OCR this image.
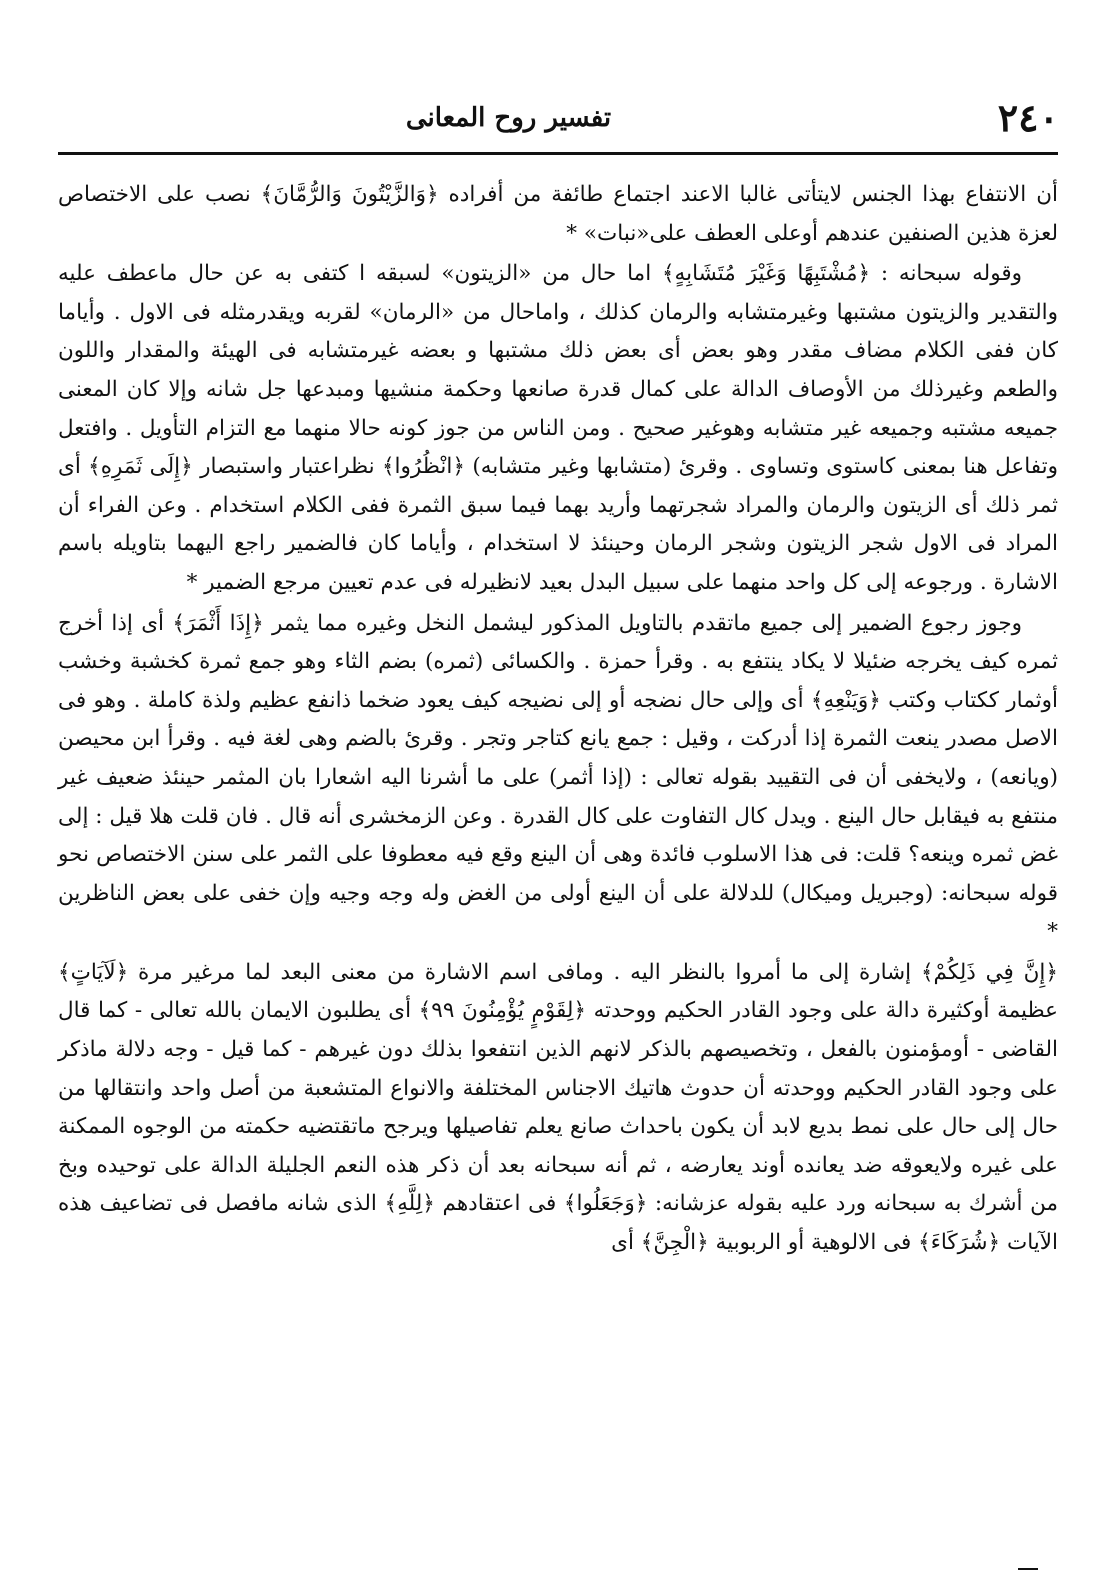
٢٤٠
تفسير روح المعانى

أن الانتفاع بهذا الجنس لايتأتى غالبا الاعند اجتماع طائفة من أفراده ﴿وَالزَّيْتُونَ وَالرُّمَّانَ﴾ نصب على الاختصاص لعزة هذين الصنفين عندهم أوعلى العطف على«نبات» *

وقوله سبحانه : ﴿مُشْتَبِهًا وَغَيْرَ مُتَشَابِهٍ﴾ اما حال من «الزيتون» لسبقه ا كتفى به عن حال ماعطف عليه والتقدير والزيتون مشتبها وغيرمتشابه والرمان كذلك ، واماحال من «الرمان» لقربه ويقدرمثله فى الاول . وأياما كان ففى الكلام مضاف مقدر وهو بعض أى بعض ذلك مشتبها و بعضه غيرمتشابه فى الهيئة والمقدار واللون والطعم وغيرذلك من الأوصاف الدالة على كمال قدرة صانعها وحكمة منشيها ومبدعها جل شانه وإلا كان المعنى جميعه مشتبه وجميعه غير متشابه وهوغير صحيح . ومن الناس من جوز كونه حالا منهما مع التزام التأويل . وافتعل وتفاعل هنا بمعنى كاستوى وتساوى . وقرئ (متشابها وغير متشابه) ﴿انْظُرُوا﴾ نظراعتبار واستبصار ﴿إِلَى ثَمَرِهِ﴾ أى ثمر ذلك أى الزيتون والرمان والمراد شجرتهما وأريد بهما فيما سبق الثمرة ففى الكلام استخدام . وعن الفراء أن المراد فى الاول شجر الزيتون وشجر الرمان وحينئذ لا استخدام ، وأياما كان فالضمير راجع اليهما بتاويله باسم الاشارة . ورجوعه إلى كل واحد منهما على سبيل البدل بعيد لانظيرله فى عدم تعيين مرجع الضمير *

وجوز رجوع الضمير إلى جميع ماتقدم بالتاويل المذكور ليشمل النخل وغيره مما يثمر ﴿إِذَا أَثْمَرَ﴾ أى إذا أخرج ثمره كيف يخرجه ضئيلا لا يكاد ينتفع به . وقرأ حمزة . والكسائى (ثمره) بضم الثاء وهو جمع ثمرة كخشبة وخشب أوثمار ككتاب وكتب ﴿وَيَنْعِهِ﴾ أى وإلى حال نضجه أو إلى نضيجه كيف يعود ضخما ذانفع عظيم ولذة كاملة . وهو فى الاصل مصدر ينعت الثمرة إذا أدركت ، وقيل : جمع يانع كتاجر وتجر . وقرئ بالضم وهى لغة فيه . وقرأ ابن محيصن (ويانعه) ، ولايخفى أن فى التقييد بقوله تعالى : (إذا أثمر) على ما أشرنا اليه اشعارا بان المثمر حينئذ ضعيف غير منتفع به فيقابل حال الينع . ويدل كال التفاوت على كال القدرة . وعن الزمخشرى أنه قال . فان قلت هلا قيل : إلى غض ثمره وينعه؟ قلت: فى هذا الاسلوب فائدة وهى أن الينع وقع فيه معطوفا على الثمر على سنن الاختصاص نحو قوله سبحانه: (وجبريل وميكال) للدلالة على أن الينع أولى من الغض وله وجه وجيه وإن خفى على بعض الناظرين *

﴿إِنَّ فِي ذَلِكُمْ﴾ إشارة إلى ما أمروا بالنظر اليه . ومافى اسم الاشارة من معنى البعد لما مرغير مرة ﴿لَآيَاتٍ﴾ عظيمة أوكثيرة دالة على وجود القادر الحكيم ووحدته ﴿لِقَوْمٍ يُؤْمِنُونَ ٩٩﴾ أى يطلبون الايمان بالله تعالى - كما قال القاضى - أومؤمنون بالفعل ، وتخصيصهم بالذكر لانهم الذين انتفعوا بذلك دون غيرهم - كما قيل - وجه دلالة ماذكر على وجود القادر الحكيم ووحدته أن حدوث هاتيك الاجناس المختلفة والانواع المتشعبة من أصل واحد وانتقالها من حال إلى حال على نمط بديع لابد أن يكون باحداث صانع يعلم تفاصيلها ويرجح ماتقتضيه حكمته من الوجوه الممكنة على غيره ولايعوقه ضد يعانده أوند يعارضه ، ثم أنه سبحانه بعد أن ذكر هذه النعم الجليلة الدالة على توحيده وبخ من أشرك به سبحانه ورد عليه بقوله عزشانه: ﴿وَجَعَلُوا﴾ فى اعتقادهم ﴿لِلَّهِ﴾ الذى شانه مافصل فى تضاعيف هذه الآيات ﴿شُرَكَاءَ﴾ فى الالوهية أو الربوبية ﴿الْجِنَّ﴾ أى
